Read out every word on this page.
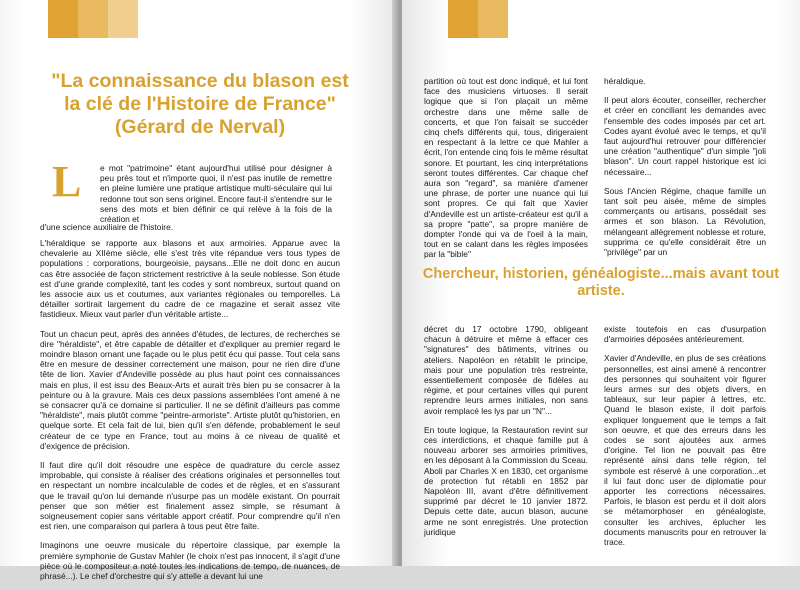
"La connaissance du blason est la clé de l'Histoire de France" (Gérard de Nerval)
L e mot "patrimoine" étant aujourd'hui utilisé pour désigner à peu près tout et n'importe quoi, il n'est pas inutile de remettre en pleine lumière une pratique artistique multi-séculaire qui lui redonne tout son sens originel. Encore faut-il s'entendre sur le sens des mots et bien définir ce qui relève à la fois de la création et
d'une science auxiliaire de l'histoire.

L'héraldique se rapporte aux blasons et aux armoiries. Apparue avec la chevalerie au XIIème siècle, elle s'est très vite répandue vers tous types de populations : corporations, bourgeoisie, paysans...Elle ne doit donc en aucun cas être associée de façon strictement restrictive à la seule noblesse. Son étude est d'une grande complexité, tant les codes y sont nombreux, surtout quand on les associe aux us et coutumes, aux variantes régionales ou temporelles. La détailler sortirait largement du cadre de ce magazine et serait assez vite fastidieux. Mieux vaut parler d'un véritable artiste...

Tout un chacun peut, après des années d'études, de lectures, de recherches se dire "héraldiste", et être capable de détailler et d'expliquer au premier regard le moindre blason ornant une façade ou le plus petit écu qui passe. Tout cela sans être en mesure de dessiner correctement une maison, pour ne rien dire d'une tête de lion. Xavier d'Andeville possède au plus haut point ces connaissances mais en plus, il est issu des Beaux-Arts et aurait très bien pu se consacrer à la peinture ou à la gravure. Mais ces deux passions assemblées l'ont amené à ne se consacrer qu'à ce domaine si particulier. Il ne se définit d'ailleurs pas comme "héraldiste", mais plutôt comme "peintre-armoriste". Artiste plutôt qu'historien, en quelque sorte. Et cela fait de lui, bien qu'il s'en défende, probablement le seul créateur de ce type en France, tout au moins à ce niveau de qualité et d'exigence de précision.

Il faut dire qu'il doit résoudre une espèce de quadrature du cercle assez improbable, qui consiste à réaliser des créations originales et personnelles tout en respectant un nombre incalculable de codes et de règles, et en s'assurant que le travail qu'on lui demande n'usurpe pas un modèle existant. On pourrait penser que son métier est finalement assez simple, se résumant à soigneusement copier sans véritable apport créatif. Pour comprendre qu'il n'en est rien, une comparaison qui parlera à tous peut être faite.

Imaginons une oeuvre musicale du répertoire classique, par exemple la première symphonie de Gustav Mahler (le choix n'est pas innocent, il s'agit d'une pièce où le compositeur a noté toutes les indications de tempo, de nuances, de phrasé...). Le chef d'orchestre qui s'y attelle a devant lui une

partition où tout est donc indiqué, et lui font face des musiciens virtuoses. Il serait logique que si l'on plaçait un même orchestre dans une même salle de concerts, et que l'on faisait se succéder cinq chefs différents qui, tous, dirigeraient en respectant à la lettre ce que Mahler a écrit, l'on entende cinq fois le même résultat sonore. Et pourtant, les cinq interprétations seront toutes différentes. Car chaque chef aura son "regard", sa manière d'amener une phrase, de porter une nuance qui lui sont propres. Ce qui fait que Xavier d'Andeville est un artiste-créateur est qu'il a sa propre "patte", sa propre manière de dompter l'onde qui va de l'oeil à la main, tout en se calant dans les règles imposées par la "bible"

héraldique.

Il peut alors écouter, conseiller, rechercher et créer en conciliant les demandes avec l'ensemble des codes imposés par cet art. Codes ayant évolué avec le temps, et qu'il faut aujourd'hui retrouver pour différencier une création "authentique" d'un simple "joli blason". Un court rappel historique est ici nécessaire...

Sous l'Ancien Régime, chaque famille un tant soit peu aisée, même de simples commerçants ou artisans, possédait ses armes et son blason. La Révolution, mélangeant allègrement noblesse et roture, supprima ce qu'elle considérait être un "privilège" par un

Chercheur, historien, généalogiste...mais avant tout artiste.

décret du 17 octobre 1790, obligeant chacun à détruire et même à effacer ces "signatures" des bâtiments, vitrines ou ateliers. Napoléon en rétablit le principe, mais pour une population très restreinte, essentiellement composée de fidèles au régime, et pour certaines villes qui purent reprendre leurs armes initiales, non sans avoir remplacé les lys par un "N"...

En toute logique, la Restauration revint sur ces interdictions, et chaque famille put à nouveau arborer ses armoiries primitives, en les déposant à la Commission du Sceau. Aboli par Charles X en 1830, cet organisme de protection fut rétabli en 1852 par Napoléon III, avant d'être définitivement supprimé par décret le 10 janvier 1872. Depuis cette date, aucun blason, aucune arme ne sont enregistrés. Une protection juridique

existe toutefois en cas d'usurpation d'armoiries déposées antérieurement.

Xavier d'Andeville, en plus de ses créations personnelles, est ainsi amené à rencontrer des personnes qui souhaitent voir figurer leurs armes sur des objets divers, en tableaux, sur leur papier à lettres, etc. Quand le blason existe, il doit parfois expliquer longuement que le temps a fait son oeuvre, et que des erreurs dans les codes se sont ajoutées aux armes d'origine. Tel lion ne pouvait pas être représenté ainsi dans telle région, tel symbole est réservé à une corporation...et il lui faut donc user de diplomatie pour apporter les corrections nécessaires. Parfois, le blason est perdu et il doit alors se métamorphoser en généalogiste, consulter les archives, éplucher les documents manuscrits pour en retrouver la trace.
